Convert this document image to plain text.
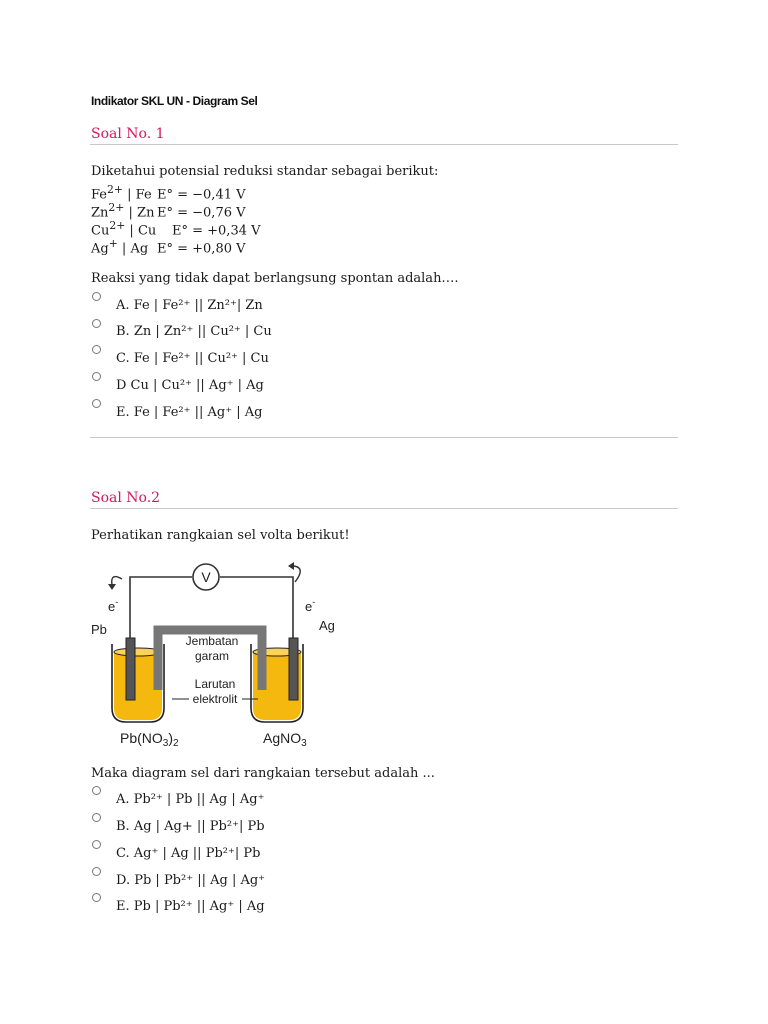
Indikator SKL UN - Diagram Sel
Soal No. 1
Diketahui potensial reduksi standar sebagai berikut:
$Fe^{2+}$ | Fe E° = −0,41 V
$Zn^{2+}$ | Zn E° = −0,76 V
$Cu^{2+}$ | Cu E° = +0,34 V
Ag+ | Ag E° = +0,80 V
Reaksi yang tidak dapat berlangsung spontan adalah….
A. Fe | Fe²⁺ || Zn²⁺| Zn
B. Zn | Zn²⁺ || Cu²⁺ | Cu
C. Fe | Fe²⁺ || Cu²⁺ | Cu
D Cu | Cu²⁺ || Ag⁺ | Ag
E. Fe | Fe²⁺ || Ag⁺ | Ag
Soal No.2
Perhatikan rangkaian sel volta berikut!
V
e-	e-
Pb	Ag
Jembatan
garam
Larutan
elektrolit
$Pb(NO_3)_2$	AgNO$_3$
Maka diagram sel dari rangkaian tersebut adalah ...
A. Pb²⁺ | Pb || Ag | Ag⁺
B. Ag | Ag+ || Pb²⁺| Pb
C. Ag⁺ | Ag || Pb²⁺| Pb
D. Pb | Pb²⁺ || Ag | Ag⁺
E. Pb | Pb²⁺ || Ag⁺ | Ag
